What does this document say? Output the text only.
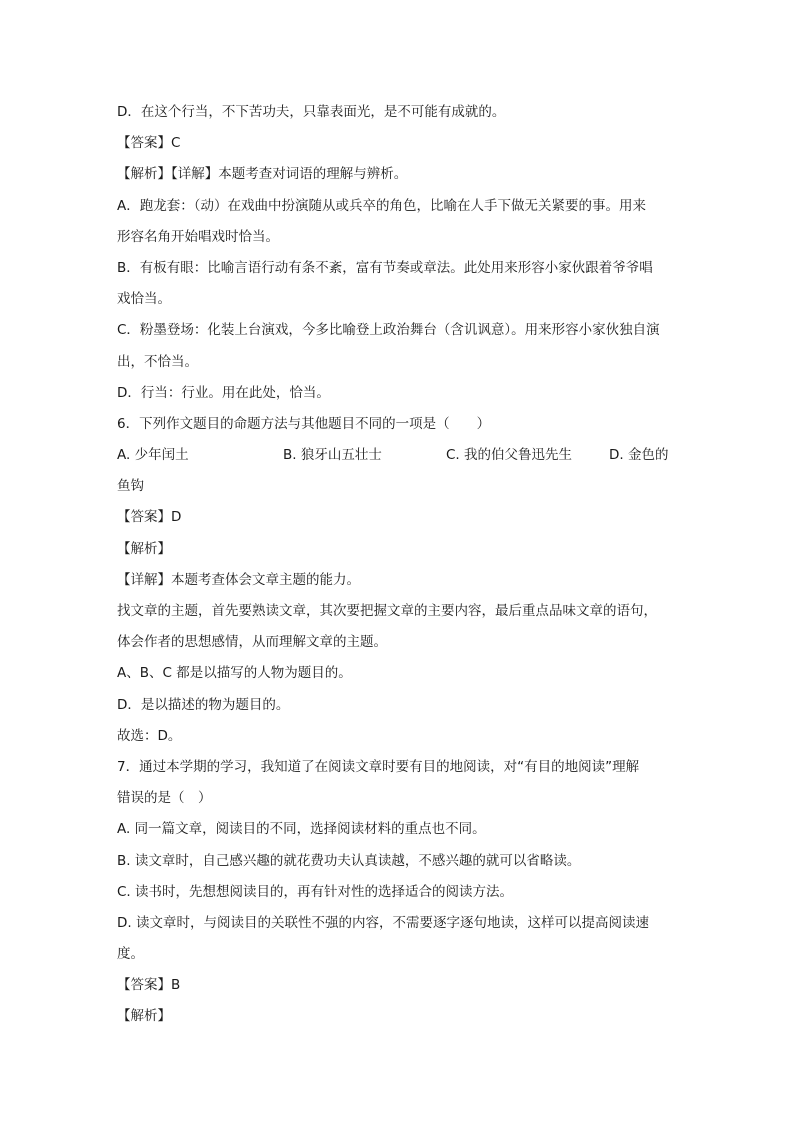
D．在这个行当，不下苦功夫，只靠表面光，是不可能有成就的。
【答案】C
【解析】【详解】本题考查对词语的理解与辨析。
A．跑龙套：（动）在戏曲中扮演随从或兵卒的角色，比喻在人手下做无关紧要的事。用来
形容名角开始唱戏时恰当。
B．有板有眼：比喻言语行动有条不紊，富有节奏或章法。此处用来形容小家伙跟着爷爷唱
戏恰当。
C．粉墨登场：化装上台演戏，今多比喻登上政治舞台（含讥讽意）。用来形容小家伙独自演
出，不恰当。
D．行当：行业。用在此处，恰当。
6．下列作文题目的命题方法与其他题目不同的一项是（　　）
A. 少年闰土	B. 狼牙山五壮士	C. 我的伯父鲁迅先生	D. 金色的
鱼钩
【答案】D
【解析】
【详解】本题考查体会文章主题的能力。
找文章的主题，首先要熟读文章，其次要把握文章的主要内容，最后重点品味文章的语句，
体会作者的思想感情，从而理解文章的主题。
A、B、C 都是以描写的人物为题目的。
D．是以描述的物为题目的。
故选：D。
7．通过本学期的学习，我知道了在阅读文章时要有目的地阅读，对“有目的地阅读”理解
错误的是（　）
A. 同一篇文章，阅读目的不同，选择阅读材料的重点也不同。
B. 读文章时，自己感兴趣的就花费功夫认真读越，不感兴趣的就可以省略读。
C. 读书时，先想想阅读目的，再有针对性的选择适合的阅读方法。
D. 读文章时，与阅读目的关联性不强的内容，不需要逐字逐句地读，这样可以提高阅读速
度。
【答案】B
【解析】
